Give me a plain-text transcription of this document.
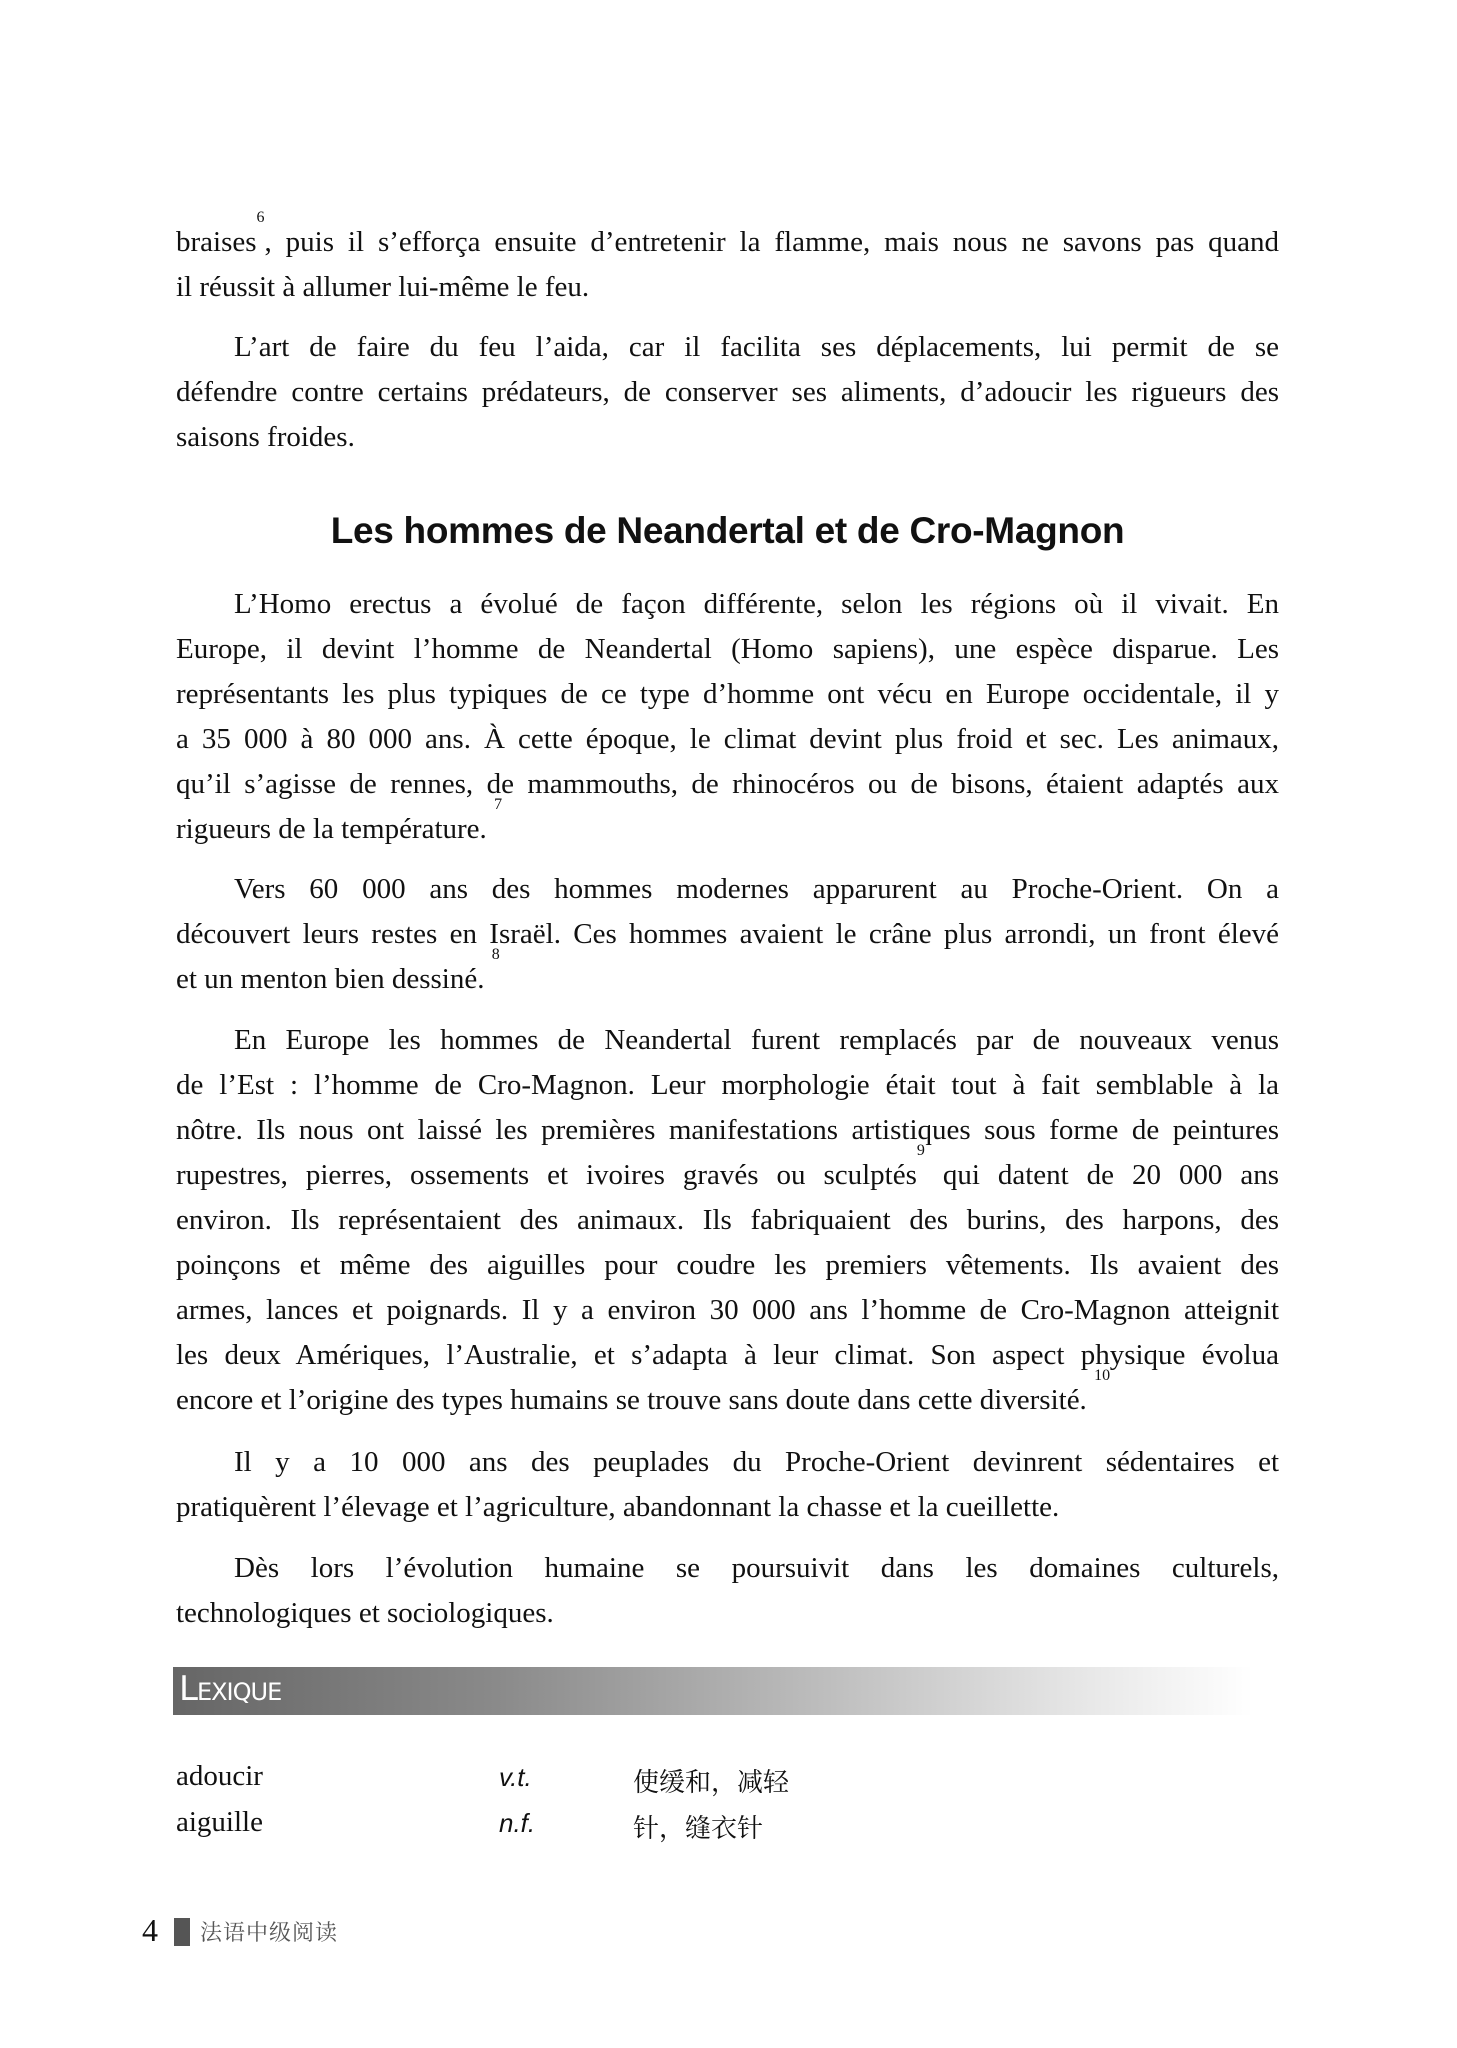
braises$^6$, puis il s’efforça ensuite d’entretenir la flamme, mais nous ne savons pas quand
il réussit à allumer lui-même le feu.
L’art de faire du feu l’aida, car il facilita ses déplacements, lui permit de se
défendre contre certains prédateurs, de conserver ses aliments, d’adoucir les rigueurs des
saisons froides.
Les hommes de Neandertal et de Cro-Magnon
L’Homo erectus a évolué de façon différente, selon les régions où il vivait. En
Europe, il devint l’homme de Neandertal (Homo sapiens), une espèce disparue. Les
représentants les plus typiques de ce type d’homme ont vécu en Europe occidentale, il y
a 35 000 à 80 000 ans. À cette époque, le climat devint plus froid et sec. Les animaux,
qu’il s’agisse de rennes, de mammouths, de rhinocéros ou de bisons, étaient adaptés aux
rigueurs de la température. $^7$
Vers 60 000 ans des hommes modernes apparurent au Proche-Orient. On a
découvert leurs restes en Israël. Ces hommes avaient le crâne plus arrondi, un front élevé
et un menton bien dessiné. $^8$
En Europe les hommes de Neandertal furent remplacés par de nouveaux venus
de l’Est : l’homme de Cro-Magnon. Leur morphologie était tout à fait semblable à la
nôtre. Ils nous ont laissé les premières manifestations artistiques sous forme de peintures
rupestres, pierres, ossements et ivoires gravés ou sculptés$^9$ qui datent de 20 000 ans
environ. Ils représentaient des animaux. Ils fabriquaient des burins, des harpons, des
poinçons et même des aiguilles pour coudre les premiers vêtements. Ils avaient des
armes, lances et poignards. Il y a environ 30 000 ans l’homme de Cro-Magnon atteignit
les deux Amériques, l’Australie, et s’adapta à leur climat. Son aspect physique évolua
encore et l’origine des types humains se trouve sans doute dans cette diversité. $^{10}$
Il y a 10 000 ans des peuplades du Proche-Orient devinrent sédentaires et
pratiquèrent l’élevage et l’agriculture, abandonnant la chasse et la cueillette.
Dès lors l’évolution humaine se poursuivit dans les domaines culturels,
technologiques et sociologiques.
Lexique
adoucir	v.t.	使缓和，减轻
aiguille	n.f.	针，缝衣针
4 法语中级阅读
